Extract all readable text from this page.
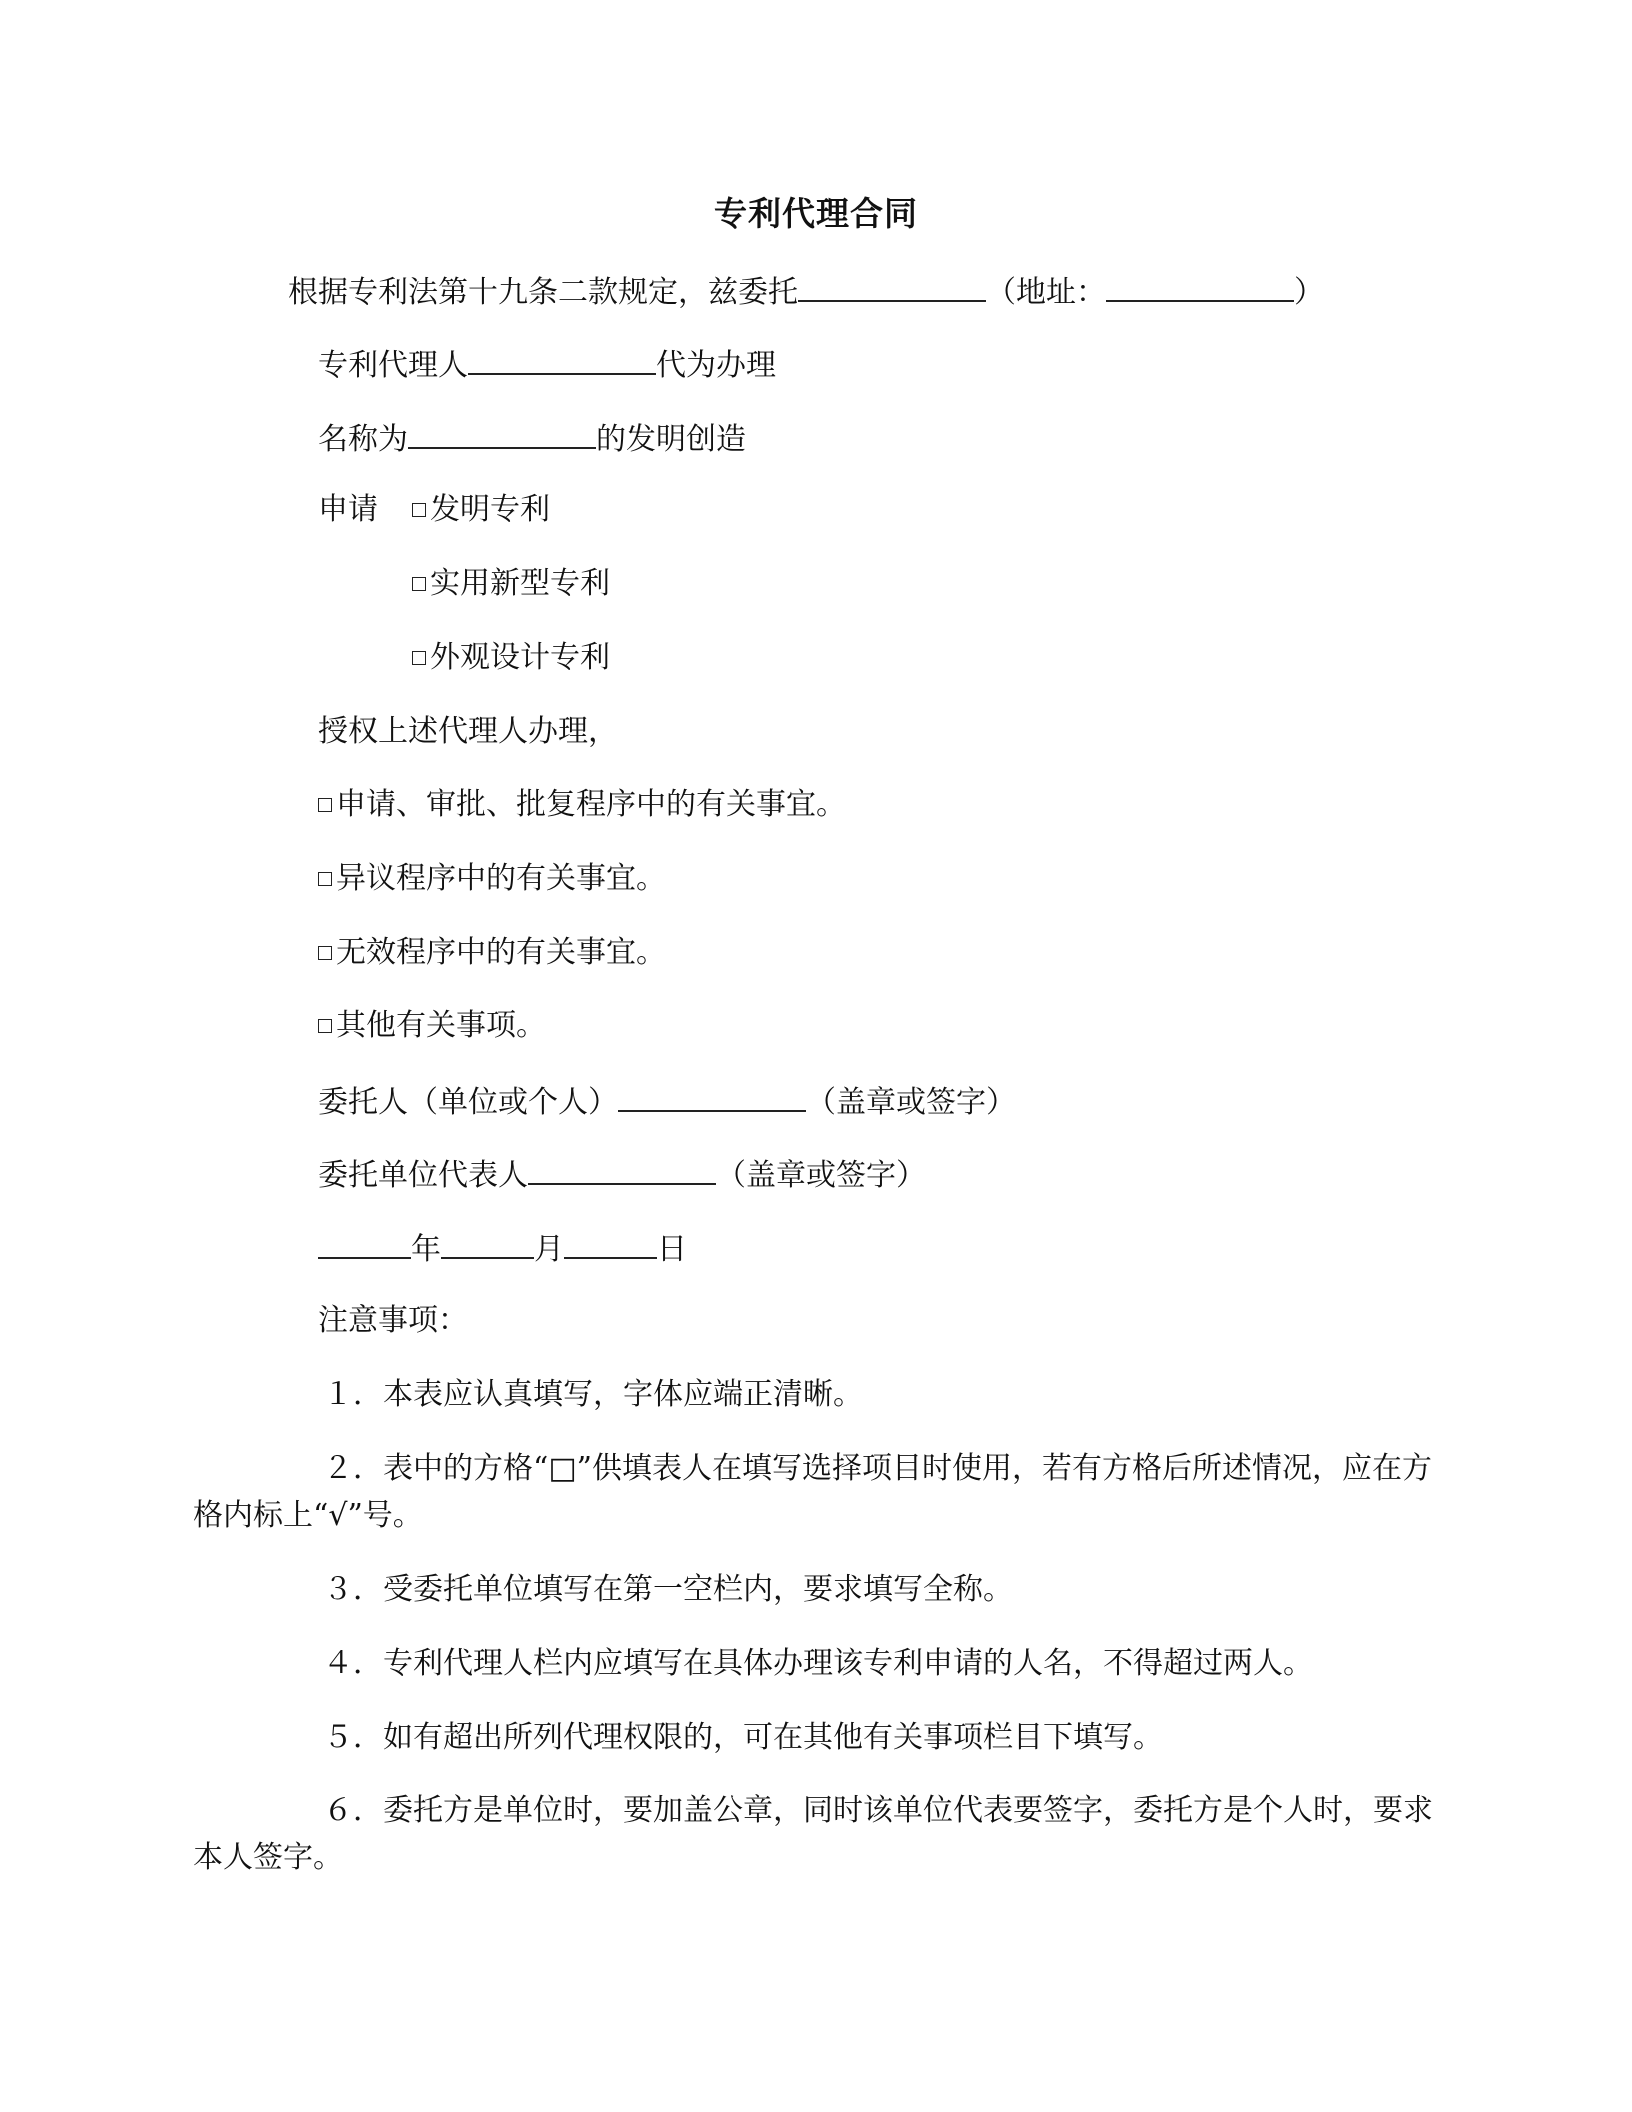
专利代理合同
根据专利法第十九条二款规定，兹委托	（地址：	）
专利代理人	代为办理
名称为	的发明创造
申请	发明专利
实用新型专利
外观设计专利
授权上述代理人办理，
申请、审批、批复程序中的有关事宜。
异议程序中的有关事宜。
无效程序中的有关事宜。
其他有关事项。
委托人（单位或个人）	（盖章或签字）
委托单位代表人	（盖章或签字）
年	月	日
注意事项：
１．本表应认真填写，字体应端正清晰。
２．表中的方格“□”供填表人在填写选择项目时使用，若有方格后所述情况，应在方格内标上“√”号。
３．受委托单位填写在第一空栏内，要求填写全称。
４．专利代理人栏内应填写在具体办理该专利申请的人名，不得超过两人。
５．如有超出所列代理权限的，可在其他有关事项栏目下填写。
６．委托方是单位时，要加盖公章，同时该单位代表要签字，委托方是个人时，要求本人签字。
